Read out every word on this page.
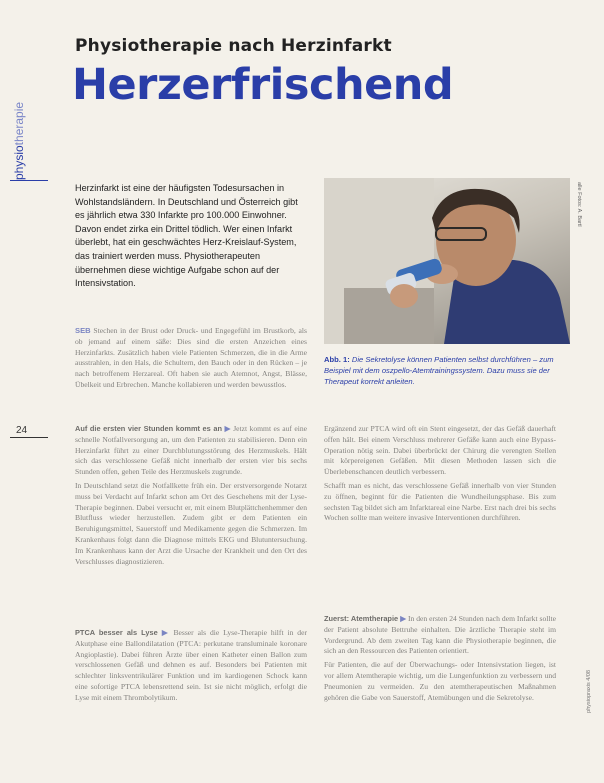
physiotherapie
24
Physiotherapie nach Herzinfarkt
Herzerfrischend
Herzinfarkt ist eine der häufigsten Todesursachen in Wohlstandsländern. In Deutschland und Österreich gibt es jährlich etwa 330 Infarkte pro 100.000 Einwohner. Davon endet zirka ein Drittel tödlich. Wer einen Infarkt überlebt, hat ein geschwächtes Herz-Kreislauf-System, das trainiert werden muss. Physiotherapeuten übernehmen diese wichtige Aufgabe schon auf der Intensivstation.
alle Fotos: A. Bartl
Abb. 1: Die Sekretolyse können Patienten selbst durchführen – zum Beispiel mit dem oszpello-Atemtrainingssystem. Dazu muss sie der Therapeut korrekt anleiten.

SEB Stechen in der Brust oder Druck- und Engegefühl im Brustkorb, als ob jemand auf einem säße: Dies sind die ersten Anzeichen eines Herzinfarkts. Zusätzlich haben viele Patienten Schmerzen, die in die Arme ausstrahlen, in den Hals, die Schultern, den Bauch oder in den Rücken – je nach betroffenem Herzareal. Oft haben sie auch Atemnot, Angst, Blässe, Übelkeit und Erbrechen. Manche kollabieren und werden bewusstlos.

Auf die ersten vier Stunden kommt es an ▶ Jetzt kommt es auf eine schnelle Notfallversorgung an, um den Patienten zu stabilisieren. Denn ein Herzinfarkt führt zu einer Durchblutungsstörung des Herzmuskels. Hält sich das verschlossene Gefäß nicht innerhalb der ersten vier bis sechs Stunden offen, gehen Teile des Herzmuskels zugrunde.

In Deutschland setzt die Notfallkette früh ein. Der erstversorgende Notarzt muss bei Verdacht auf Infarkt schon am Ort des Geschehens mit der Lyse-Therapie beginnen. Dabei versucht er, mit einem Blutplättchenhemmer den Blutfluss wieder herzustellen. Zudem gibt er dem Patienten ein Beruhigungsmittel, Sauerstoff und Medikamente gegen die Schmerzen. Im Krankenhaus folgt dann die Diagnose mittels EKG und Blutuntersuchung. Im Krankenhaus kann der Arzt die Ursache der Krankheit und den Ort des Verschlusses diagnostizieren.

PTCA besser als Lyse ▶ Besser als die Lyse-Therapie hilft in der Akutphase eine Ballondilatation (PTCA: perkutane transluminale koronare Angioplastie). Dabei führen Ärzte über einen Katheter einen Ballon zum verschlossenen Gefäß und dehnen es auf. Besonders bei Patienten mit schlechter linksventrikulärer Funktion und im kardiogenen Schock kann eine sofortige PTCA lebensrettend sein. Ist sie nicht möglich, erfolgt die Lyse mit einem Thrombolytikum.

Ergänzend zur PTCA wird oft ein Stent eingesetzt, der das Gefäß dauerhaft offen hält. Bei einem Verschluss mehrerer Gefäße kann auch eine Bypass-Operation nötig sein. Dabei überbrückt der Chirurg die verengten Stellen mit körpereigenen Gefäßen. Mit diesen Methoden lassen sich die Überlebenschancen deutlich verbessern.

Schafft man es nicht, das verschlossene Gefäß innerhalb von vier Stunden zu öffnen, beginnt für die Patienten die Wundheilungsphase. Bis zum sechsten Tag bildet sich am Infarktareal eine Narbe. Erst nach drei bis sechs Wochen sollte man weitere invasive Interventionen durchführen.

Zuerst: Atemtherapie ▶ In den ersten 24 Stunden nach dem Infarkt sollte der Patient absolute Bettruhe einhalten. Die ärztliche Therapie steht im Vordergrund. Ab dem zweiten Tag kann die Physiotherapie beginnen, die sich an den Ressourcen des Patienten orientiert.

Für Patienten, die auf der Überwachungs- oder Intensivstation liegen, ist vor allem Atemtherapie wichtig, um die Lungenfunktion zu verbessern und Pneumonien zu vermeiden. Zu den atemtherapeutischen Maßnahmen gehören die Gabe von Sauerstoff, Atemübungen und die Sekretolyse.	physiopraxis 4/08
